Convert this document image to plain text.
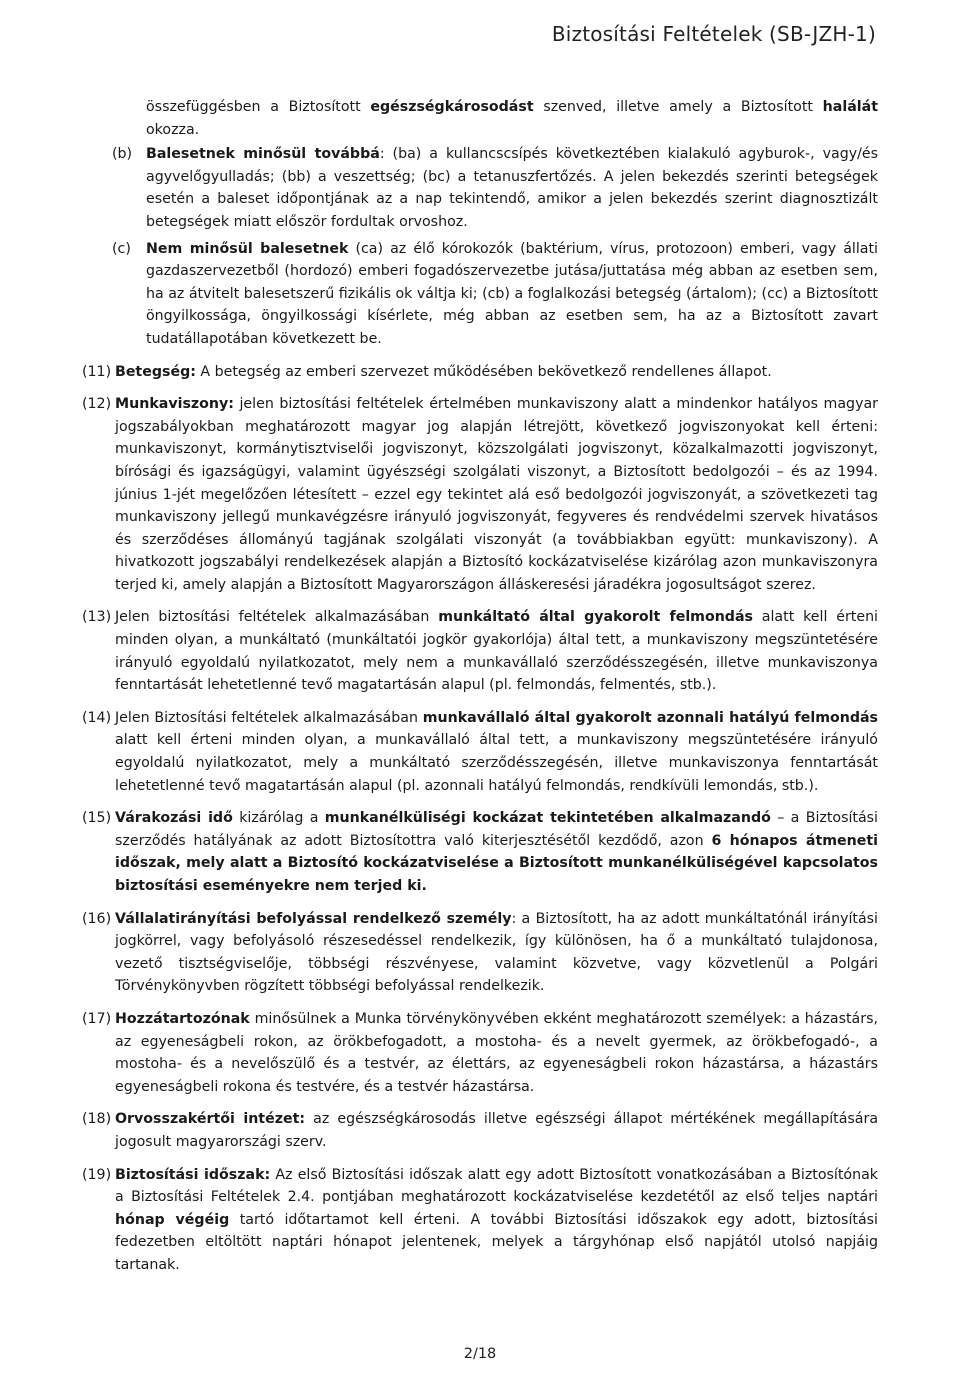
Biztosítási Feltételek (SB-JZH-1)

összefüggésben a Biztosított egészségkárosodást szenved, illetve amely a Biztosított halálát okozza.

(b) Balesetnek minősül továbbá: (ba) a kullancscsípés következtében kialakuló agyburok-, vagy/és agyvelőgyulladás; (bb) a veszettség; (bc) a tetanuszfertőzés. A jelen bekezdés szerinti betegségek esetén a baleset időpontjának az a nap tekintendő, amikor a jelen bekezdés szerint diagnosztizált betegségek miatt először fordultak orvoshoz.
(c) Nem minősül balesetnek (ca) az élő kórokozók (baktérium, vírus, protozoon) emberi, vagy állati gazdaszervezetből (hordozó) emberi fogadószervezetbe jutása/juttatása még abban az esetben sem, ha az átvitelt balesetszerű fizikális ok váltja ki; (cb) a foglalkozási betegség (ártalom); (cc) a Biztosított öngyilkossága, öngyilkossági kísérlete, még abban az esetben sem, ha az a Biztosított zavart tudatállapotában következett be.
(11) Betegség: A betegség az emberi szervezet működésében bekövetkező rendellenes állapot.
(12) Munkaviszony: jelen biztosítási feltételek értelmében munkaviszony alatt a mindenkor hatályos magyar jogszabályokban meghatározott magyar jog alapján létrejött, következő jogviszonyokat kell érteni: munkaviszonyt, kormánytisztviselői jogviszonyt, közszolgálati jogviszonyt, közalkalmazotti jogviszonyt, bírósági és igazságügyi, valamint ügyészségi szolgálati viszonyt, a Biztosított bedolgozói – és az 1994. június 1-jét megelőzően létesített – ezzel egy tekintet alá eső bedolgozói jogviszonyát, a szövetkezeti tag munkaviszony jellegű munkavégzésre irányuló jogviszonyát, fegyveres és rendvédelmi szervek hivatásos és szerződéses állományú tagjának szolgálati viszonyát (a továbbiakban együtt: munkaviszony). A hivatkozott jogszabályi rendelkezések alapján a Biztosító kockázatviselése kizárólag azon munkaviszonyra terjed ki, amely alapján a Biztosított Magyarországon álláskeresési járadékra jogosultságot szerez.
(13) Jelen biztosítási feltételek alkalmazásában munkáltató által gyakorolt felmondás alatt kell érteni minden olyan, a munkáltató (munkáltatói jogkör gyakorlója) által tett, a munkaviszony megszüntetésére irányuló egyoldalú nyilatkozatot, mely nem a munkavállaló szerződésszegésén, illetve munkaviszonya fenntartását lehetetlenné tevő magatartásán alapul (pl. felmondás, felmentés, stb.).
(14) Jelen Biztosítási feltételek alkalmazásában munkavállaló által gyakorolt azonnali hatályú felmondás alatt kell érteni minden olyan, a munkavállaló által tett, a munkaviszony megszüntetésére irányuló egyoldalú nyilatkozatot, mely a munkáltató szerződésszegésén, illetve munkaviszonya fenntartását lehetetlenné tevő magatartásán alapul (pl. azonnali hatályú felmondás, rendkívüli lemondás, stb.).
(15) Várakozási idő kizárólag a munkanélküliségi kockázat tekintetében alkalmazandó – a Biztosítási szerződés hatályának az adott Biztosítottra való kiterjesztésétől kezdődő, azon 6 hónapos átmeneti időszak, mely alatt a Biztosító kockázatviselése a Biztosított munkanélküliségével kapcsolatos biztosítási eseményekre nem terjed ki.
(16) Vállalatirányítási befolyással rendelkező személy: a Biztosított, ha az adott munkáltatónál irányítási jogkörrel, vagy befolyásoló részesedéssel rendelkezik, így különösen, ha ő a munkáltató tulajdonosa, vezető tisztségviselője, többségi részvényese, valamint közvetve, vagy közvetlenül a Polgári Törvénykönyvben rögzített többségi befolyással rendelkezik.
(17) Hozzátartozónak minősülnek a Munka törvénykönyvében ekként meghatározott személyek: a házastárs, az egyeneságbeli rokon, az örökbefogadott, a mostoha- és a nevelt gyermek, az örökbefogadó-, a mostoha- és a nevelőszülő és a testvér, az élettárs, az egyeneságbeli rokon házastársa, a házastárs egyeneságbeli rokona és testvére, és a testvér házastársa.
(18) Orvosszakértői intézet: az egészségkárosodás illetve egészségi állapot mértékének megállapítására jogosult magyarországi szerv.
(19) Biztosítási időszak: Az első Biztosítási időszak alatt egy adott Biztosított vonatkozásában a Biztosítónak a Biztosítási Feltételek 2.4. pontjában meghatározott kockázatviselése kezdetétől az első teljes naptári hónap végéig tartó időtartamot kell érteni. A további Biztosítási időszakok egy adott, biztosítási fedezetben eltöltött naptári hónapot jelentenek, melyek a tárgyhónap első napjától utolsó napjáig tartanak.
2/18
